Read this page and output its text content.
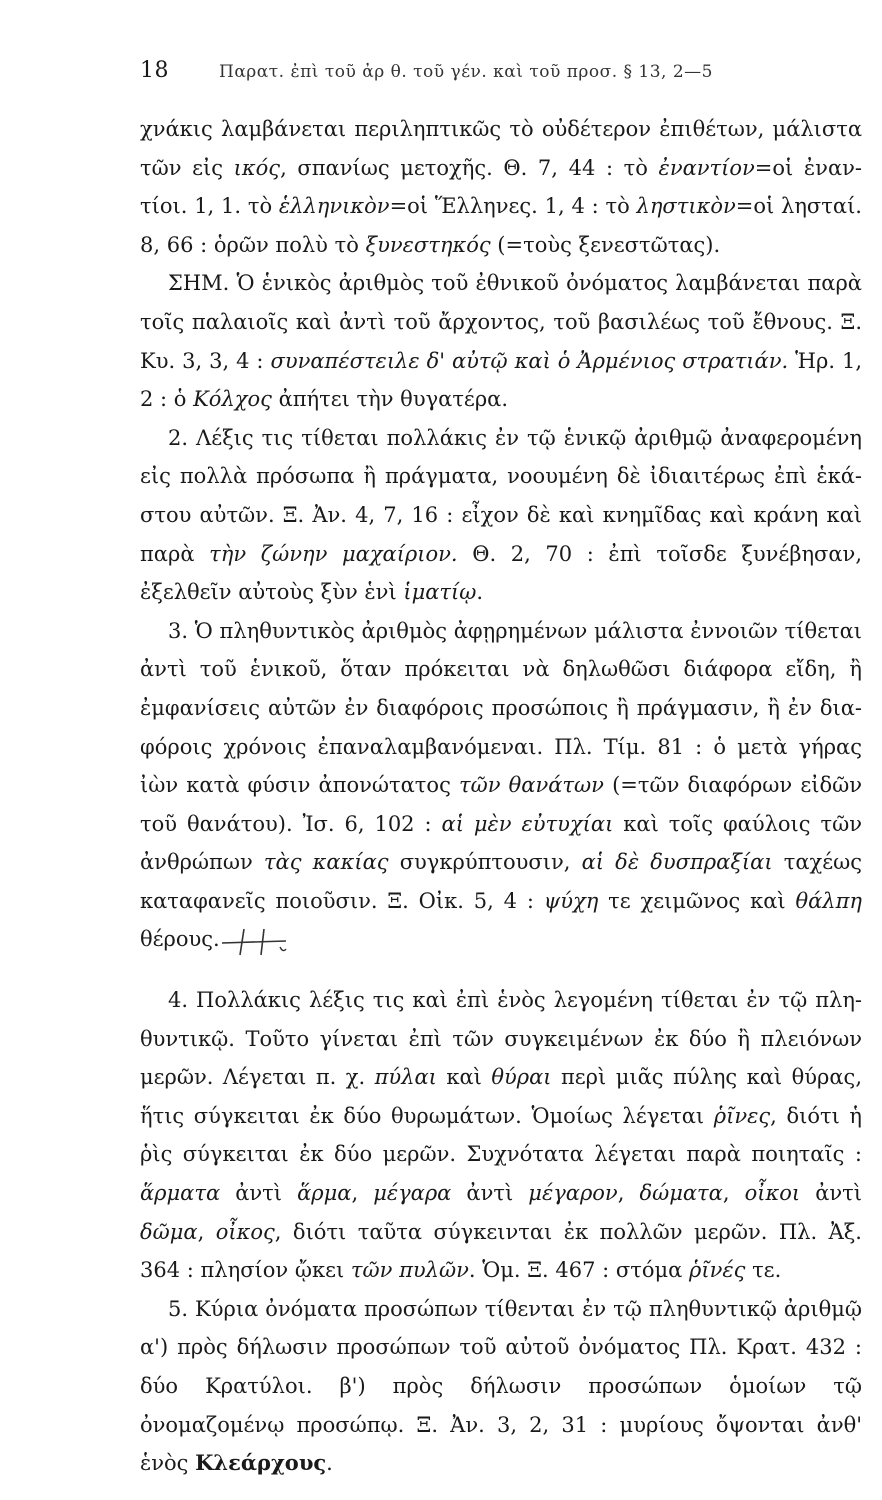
18	Παρατ. ἐπὶ τοῦ ἀρ θ. τοῦ γέν. καὶ τοῦ προσ. § 13, 2—5

χνάκις λαμβάνεται περιληπτικῶς τὸ οὐδέτερον ἐπιθέτων, μάλιστα τῶν εἰς ικός, σπανίως μετοχῆς. Θ. 7, 44 : τὸ ἐναντίον=οἱ ἐναν-τίοι. 1, 1. τὸ ἑλληνικὸν=οἱ Ἕλληνες. 1, 4 : τὸ ληστικὸν=οἱ λησταί. 8, 66 : ὁρῶν πολὺ τὸ ξυνεστηκός (=τοὺς ξενεστῶτας).

ΣΗΜ. Ὁ ἑνικὸς ἀριθμὸς τοῦ ἐθνικοῦ ὀνόματος λαμβάνεται παρὰ τοῖς παλαιοῖς καὶ ἀντὶ τοῦ ἄρχοντος, τοῦ βασιλέως τοῦ ἔθνους. Ξ. Κυ. 3, 3, 4 : συναπέστειλε δ' αὐτῷ καὶ ὁ Ἀρμένιος στρατιάν. Ἡρ. 1, 2 : ὁ Κόλχος ἀπήτει τὴν θυγατέρα.

2. Λέξις τις τίθεται πολλάκις ἐν τῷ ἑνικῷ ἀριθμῷ ἀναφερομένη εἰς πολλὰ πρόσωπα ἢ πράγματα, νοουμένη δὲ ἰδιαιτέρως ἐπὶ ἑκά-στου αὐτῶν. Ξ. Ἀν. 4, 7, 16 : εἶχον δὲ καὶ κνημῖδας καὶ κράνη καὶ παρὰ τὴν ζώνην μαχαίριον. Θ. 2, 70 : ἐπὶ τοῖσδε ξυνέβησαν, ἐξελθεῖν αὐτοὺς ξὺν ἑνὶ ἱματίῳ.

3. Ὁ πληθυντικὸς ἀριθμὸς ἀφῃρημένων μάλιστα ἐννοιῶν τίθεται ἀντὶ τοῦ ἑνικοῦ, ὅταν πρόκειται νὰ δηλωθῶσι διάφορα εἴδη, ἢ ἐμφανίσεις αὐτῶν ἐν διαφόροις προσώποις ἢ πράγμασιν, ἢ ἐν δια-φόροις χρόνοις ἐπαναλαμβανόμεναι. Πλ. Τίμ. 81 : ὁ μετὰ γήρας ἰὼν κατὰ φύσιν ἀπονώτατος τῶν θανάτων (=τῶν διαφόρων εἰδῶν τοῦ θανάτου). Ἰσ. 6, 102 : αἱ μὲν εὐτυχίαι καὶ τοῖς φαύλοις τῶν ἀνθρώπων τὰς κακίας συγκρύπτουσιν, αἱ δὲ δυσπραξίαι ταχέως καταφανεῖς ποιοῦσιν. Ξ. Οἰκ. 5, 4 : ψύχη τε χειμῶνος καὶ θάλπη θέρους.

4. Πολλάκις λέξις τις καὶ ἐπὶ ἑνὸς λεγομένη τίθεται ἐν τῷ πλη-θυντικῷ. Τοῦτο γίνεται ἐπὶ τῶν συγκειμένων ἐκ δύο ἢ πλειόνων μερῶν. Λέγεται π. χ. πύλαι καὶ θύραι περὶ μιᾶς πύλης καὶ θύρας, ἥτις σύγκειται ἐκ δύο θυρωμάτων. Ὁμοίως λέγεται ῥῖνες, διότι ἡ ῥὶς σύγκειται ἐκ δύο μερῶν. Συχνότατα λέγεται παρὰ ποιηταῖς : ἅρματα ἀντὶ ἅρμα, μέγαρα ἀντὶ μέγαρον, δώματα, οἶκοι ἀντὶ δῶμα, οἶκος, διότι ταῦτα σύγκεινται ἐκ πολλῶν μερῶν. Πλ. Ἀξ. 364 : πλησίον ᾤκει τῶν πυλῶν. Ὁμ. Ξ. 467 : στόμα ῥῖνές τε.

5. Κύρια ὀνόματα προσώπων τίθενται ἐν τῷ πληθυντικῷ ἀριθμῷ α') πρὸς δήλωσιν προσώπων τοῦ αὐτοῦ ὀνόματος Πλ. Κρατ. 432 : δύο Κρατύλοι. β') πρὸς δήλωσιν προσώπων ὁμοίων τῷ ὀνομαζομένῳ προσώπῳ. Ξ. Ἀν. 3, 2, 31 : μυρίους ὄψονται ἀνθ' ἑνὸς Κλεάρχους.
